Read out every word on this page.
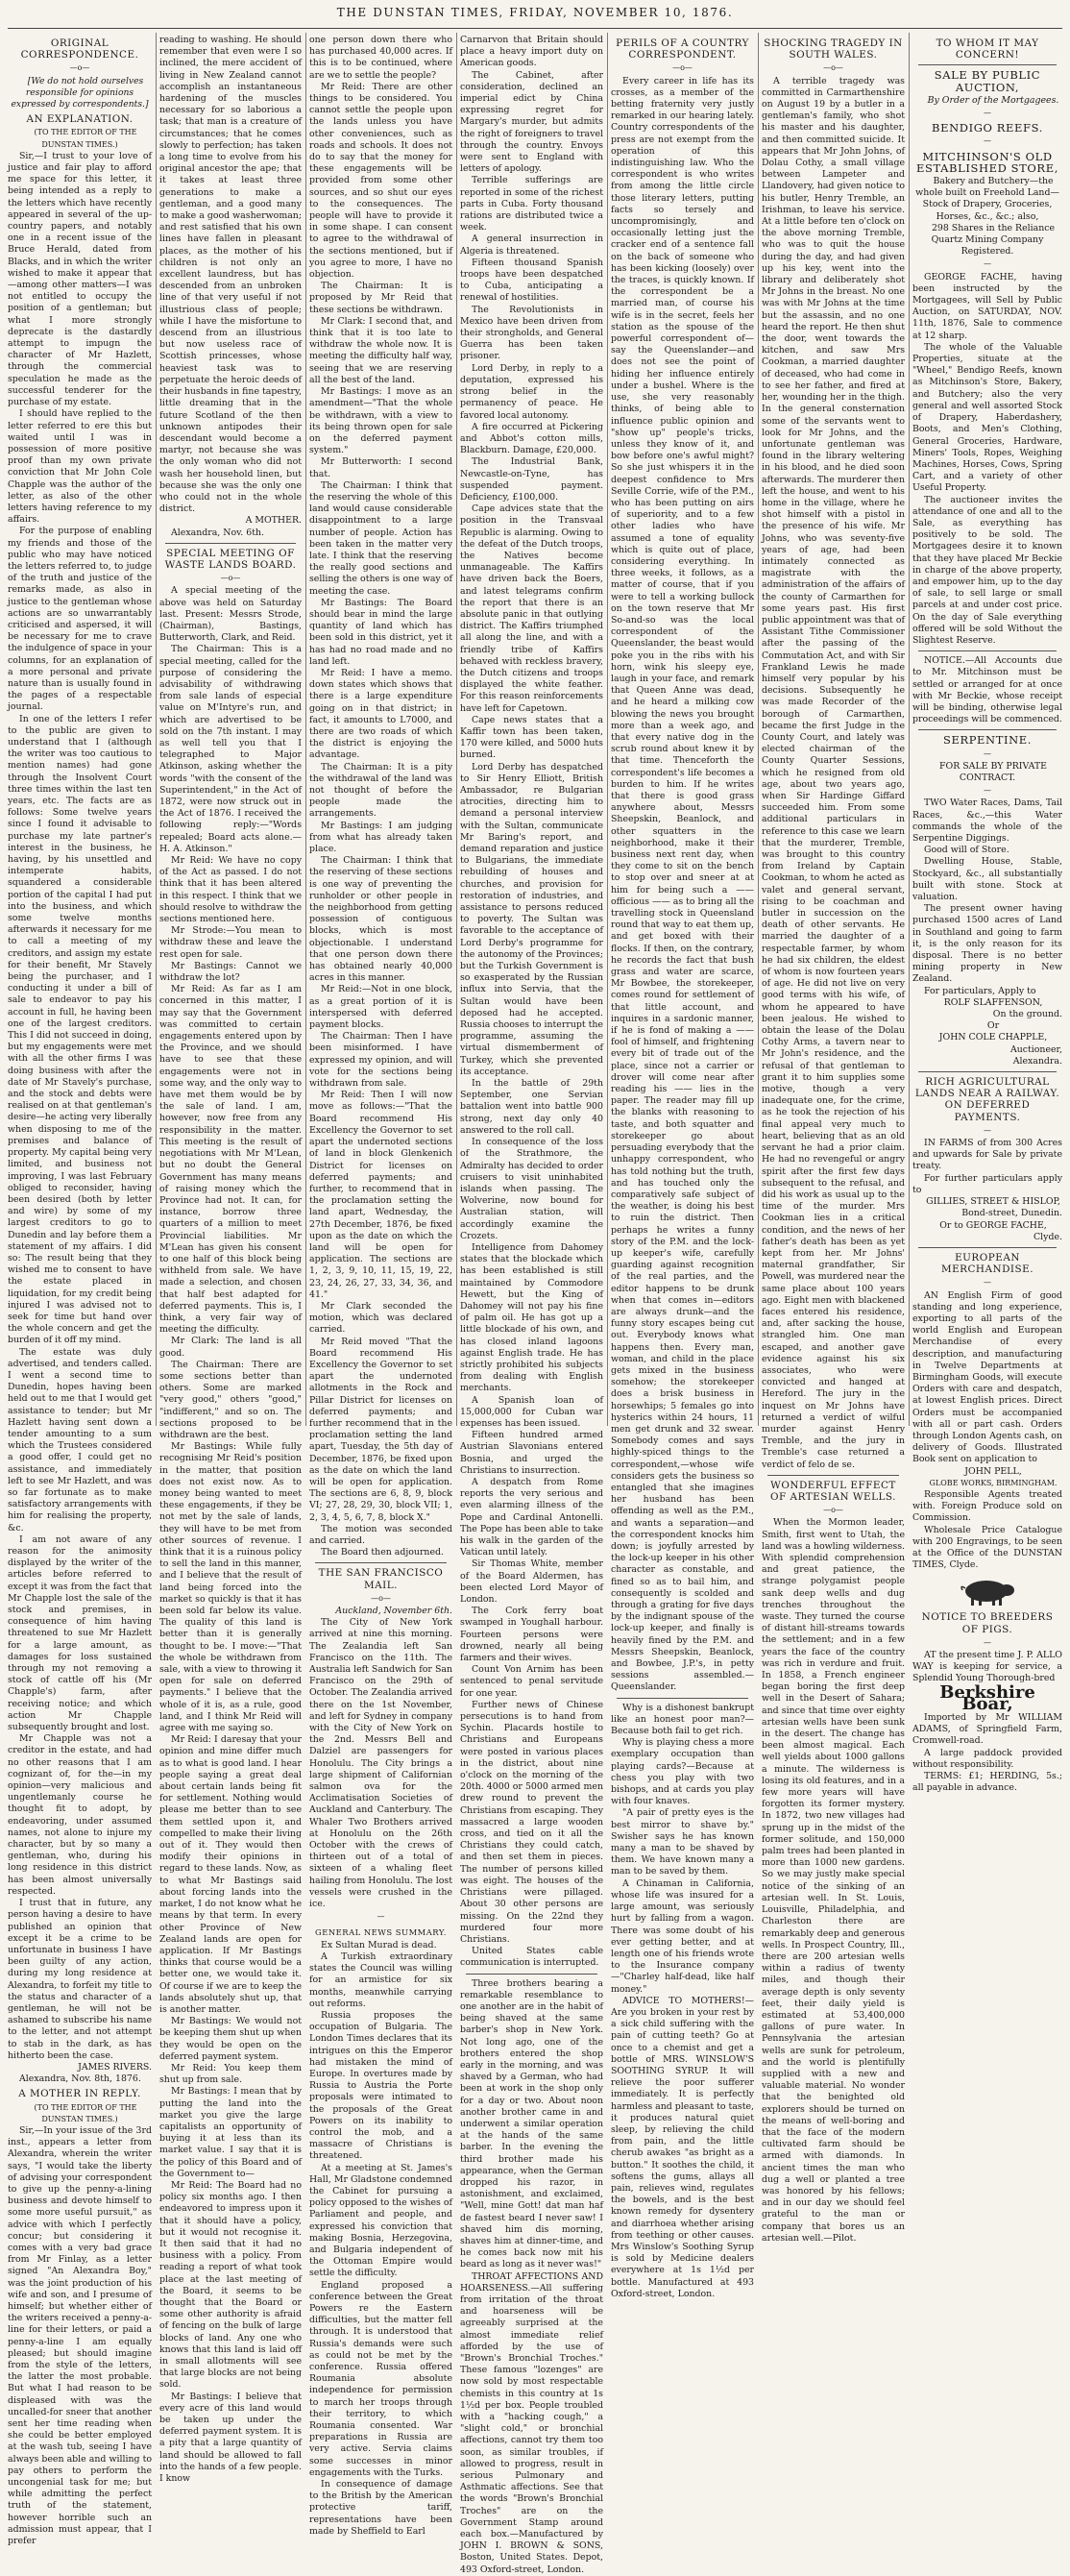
THE DUNSTAN TIMES, FRIDAY, NOVEMBER 10, 1876.
ORIGINAL CORRESPONDENCE.
—o—

[We do not hold ourselves responsible for opinions expressed by correspondents.]

AN EXPLANATION.

(TO THE EDITOR OF THE DUNSTAN TIMES.)

Sir,—I trust to your love of justice and fair play to afford me space for this letter, it being intended as a reply to the letters which have recently appeared in several of the up-country papers, and notably one in a recent issue of the Bruce Herald, dated from Blacks, and in which the writer wished to make it appear that—among other matters—I was not entitled to occupy the position of a gentleman; but what I more strongly deprecate is the dastardly attempt to impugn the character of Mr Hazlett, through the commercial speculation he made as the successful tenderer for the purchase of my estate.

I should have replied to the letter referred to ere this but waited until I was in possession of more positive proof than my own private conviction that Mr John Cole Chapple was the author of the letter, as also of the other letters having reference to my affairs.

For the purpose of enabling my friends and those of the public who may have noticed the letters referred to, to judge of the truth and justice of the remarks made, as also in justice to the gentleman whose actions are so unwarrantably criticised and aspersed, it will be necessary for me to crave the indulgence of space in your columns, for an explanation of a more personal and private nature than is usually found in the pages of a respectable journal.

In one of the letters I refer to the public are given to understand that I (although the writer was too cautious to mention names) had gone through the Insolvent Court three times within the last ten years, etc. The facts are as follows: Some twelve years since I found it advisable to purchase my late partner's interest in the business, he having, by his unsettled and intemperate habits, squandered a considerable portion of the capital I had put into the business, and which some twelve months afterwards it necessary for me to call a meeting of my creditors, and assign my estate for their benefit, Mr Stavely being the purchaser, and I conducting it under a bill of sale to endeavor to pay his account in full, he having been one of the largest creditors. This I did not succeed in doing, but my engagements were met with all the other firms I was doing business with after the date of Mr Stavely's purchase, and the stock and debts were realised on at that gentleman's desire—he acting very liberally when disposing to me of the premises and balance of property. My capital being very limited, and business not improving, I was last February obliged to reconsider, having been desired (both by letter and wire) by some of my largest creditors to go to Dunedin and lay before them a statement of my affairs. I did so: The result being that they wished me to consent to have the estate placed in liquidation, for my credit being injured I was advised not to seek for time but hand over the whole concern and get the burden of it off my mind.

The estate was duly advertised, and tenders called. I went a second time to Dunedin, hopes having been held out to me that I would get assistance to tender; but Mr Hazlett having sent down a tender amounting to a sum which the Trustees considered a good offer, I could get no assistance, and immediately left to see Mr Hazlett, and was so far fortunate as to make satisfactory arrangements with him for realising the property, &c.

I am not aware of any reason for the animosity displayed by the writer of the articles before referred to except it was from the fact that Mr Chapple lost the sale of the stock and premises, in consequence of him having threatened to sue Mr Hazlett for a large amount, as damages for loss sustained through my not removing a stock of cattle off his (Mr Chapple's) farm, after receiving notice; and which action Mr Chapple subsequently brought and lost.

Mr Chapple was not a creditor in the estate, and had no other reasons that I am cognizant of, for the—in my opinion—very malicious and ungentlemanly course he thought fit to adopt, by endeavoring, under assumed names, not alone to injure my character, but by so many a gentleman, who, during his long residence in this district has been almost universally respected.

I trust that in future, any person having a desire to have published an opinion that except it be a crime to be unfortunate in business I have been guilty of any action, during my long residence at Alexandra, to forfeit my title to the status and character of a gentleman, he will not be ashamed to subscribe his name to the letter, and not attempt to stab in the dark, as has hitherto been the case.

JAMES RIVERS.

Alexandra, Nov. 8th, 1876.

A MOTHER IN REPLY.

(TO THE EDITOR OF THE DUNSTAN TIMES.)

Sir,—In your issue of the 3rd inst., appears a letter from Alexandra, wherein the writer says, "I would take the liberty of advising your correspondent to give up the penny-a-lining business and devote himself to some more useful pursuit," as advice with which I perfectly concur; but considering it comes with a very bad grace from Mr Finlay, as a letter signed "An Alexandra Boy," was the joint production of his wife and son, and I presume of himself; but whether either of the writers received a penny-a-line for their letters, or paid a penny-a-line I am equally pleased; but should imagine from the style of the letters, the latter the most probable. But what I had reason to be displeased with was the uncalled-for sneer that another sent her time reading when she could be better employed at the wash tub, seeing I have always been able and willing to pay others to perform the uncongenial task for me; but while admitting the perfect truth of the statement, however horrible such an admission must appear, that I prefer

reading to washing. He should remember that even were I so inclined, the mere accident of living in New Zealand cannot accomplish an instantaneous hardening of the muscles necessary for so laborious a task; that man is a creature of circumstances; that he comes slowly to perfection; has taken a long time to evolve from his original ancestor the ape; that it takes at least three generations to make a gentleman, and a good many to make a good washerwoman; and rest satisfied that his own lines have fallen in pleasant places, as the mother of his children is not only an excellent laundress, but has descended from an unbroken line of that very useful if not illustrious class of people; while I have the misfortune to descend from an illustrious but now useless race of Scottish princesses, whose heaviest task was to perpetuate the heroic deeds of their husbands in fine tapestry, little dreaming that in the future Scotland of the then unknown antipodes their descendant would become a martyr, not because she was the only woman who did not wash her household linen, but because she was the only one who could not in the whole district.

A MOTHER.

Alexandra, Nov. 6th.

SPECIAL MEETING OF WASTE LANDS BOARD.
—o—

A special meeting of the above was held on Saturday last. Present: Messrs Strode, (Chairman), Bastings, Butterworth, Clark, and Reid.

The Chairman: This is a special meeting, called for the purpose of considering the advisability of withdrawing from sale lands of especial value on M'Intyre's run, and which are advertised to be sold on the 7th instant. I may as well tell you that I telegraphed to Major Atkinson, asking whether the words "with the consent of the Superintendent," in the Act of 1872, were now struck out in the Act of 1876. I received the following reply:—"Words repealed; Board acts alone.—H. A. Atkinson."

Mr Reid: We have no copy of the Act as passed. I do not think that it has been altered in this respect. I think that we should resolve to withdraw the sections mentioned here.

Mr Strode:—You mean to withdraw these and leave the rest open for sale.

Mr Bastings: Cannot we withdraw the lot?

Mr Reid: As far as I am concerned in this matter, I may say that the Government was committed to certain engagements entered upon by the Province, and we should have to see that these engagements were not in some way, and the only way to have met them would be by the sale of land. I am, however, now free from any responsibility in the matter. This meeting is the result of negotiations with Mr M'Lean, but no doubt the General Government has many means of raising money which the Province had not. It can, for instance, borrow three quarters of a million to meet Provincial liabilities. Mr M'Lean has given his consent to one half of this block being withheld from sale. We have made a selection, and chosen that half best adapted for deferred payments. This is, I think, a very fair way of meeting the difficulty.

Mr Clark: The land is all good.

The Chairman: There are some sections better than others. Some are marked "very good," others "good," "indifferent," and so on. The sections proposed to be withdrawn are the best.

Mr Bastings: While fully recognising Mr Reid's position in the matter, that position does not exist now. As to money being wanted to meet these engagements, if they be not met by the sale of lands, they will have to be met from other sources of revenue. I think that it is a ruinous policy to sell the land in this manner, and I believe that the result of land being forced into the market so quickly is that it has been sold far below its value. The quality of this land is better than it is generally thought to be. I move:—"That the whole be withdrawn from sale, with a view to throwing it open for sale on deferred payments." I believe that the whole of it is, as a rule, good land, and I think Mr Reid will agree with me saying so.

Mr Reid: I daresay that your opinion and mine differ much as to what is good land. I hear people saying a great deal about certain lands being fit for settlement. Nothing would please me better than to see them settled upon it, and compelled to make their living out of it. They would then modify their opinions in regard to these lands. Now, as to what Mr Bastings said about forcing lands into the market, I do not know what he means by that term. In every other Province of New Zealand lands are open for application. If Mr Bastings thinks that course would be a better one, we would take it. Of course if we are to keep the lands absolutely shut up, that is another matter.

Mr Bastings: We would not be keeping them shut up when they would be open on the deferred payment system.

Mr Reid: You keep them shut up from sale.

Mr Bastings: I mean that by putting the land into the market you give the large capitalists an opportunity of buying it at less than its market value. I say that it is the policy of this Board and of the Government to—

Mr Reid: The Board had no policy six months ago. I then endeavored to impress upon it that it should have a policy, but it would not recognise it. It then said that it had no business with a policy. From reading a report of what took place at the last meeting of the Board, it seems to be thought that the Board or some other authority is afraid of fencing on the bulk of large blocks of land. Any one who knows that this land is laid off in small allotments will see that large blocks are not being sold.

Mr Bastings: I believe that every acre of this land would be taken up under the deferred payment system. It is a pity that a large quantity of land should be allowed to fall into the hands of a few people. I know

one person down there who has purchased 40,000 acres. If this is to be continued, where are we to settle the people?

Mr Reid: There are other things to be considered. You cannot settle the people upon the lands unless you have other conveniences, such as roads and schools. It does not do to say that the money for these engagements will be provided from some other sources, and so shut our eyes to the consequences. The people will have to provide it in some shape. I can consent to agree to the withdrawal of the sections mentioned, but if you agree to more, I have no objection.

The Chairman: It is proposed by Mr Reid that these sections be withdrawn.

Mr Clark: I second that, and think that it is too late to withdraw the whole now. It is meeting the difficulty half way, seeing that we are reserving all the best of the land.

Mr Bastings: I move as an amendment—"That the whole be withdrawn, with a view to its being thrown open for sale on the deferred payment system."

Mr Butterworth: I second that.

The Chairman: I think that the reserving the whole of this land would cause considerable disappointment to a large number of people. Action has been taken in the matter very late. I think that the reserving the really good sections and selling the others is one way of meeting the case.

Mr Bastings: The Board should bear in mind the large quantity of land which has been sold in this district, yet it has had no road made and no land left.

Mr Reid: I have a memo. down states which shows that there is a large expenditure going on in that district; in fact, it amounts to L7000, and there are two roads of which the district is enjoying the advantage.

The Chairman: It is a pity the withdrawal of the land was not thought of before the people made the arrangements.

Mr Bastings: I am judging from what has already taken place.

The Chairman: I think that the reserving of these sections is one way of preventing the runholder or other people in the neighborhood from getting possession of contiguous blocks, which is most objectionable. I understand that one person down there has obtained nearly 40,000 acres in this manner.

Mr Reid:—Not in one block, as a great portion of it is interspersed with deferred payment blocks.

The Chairman: Then I have been misinformed. I have expressed my opinion, and will vote for the sections being withdrawn from sale.

Mr Reid: Then I will now move as follows:—"That the Board recommend His Excellency the Governor to set apart the undernoted sections of land in block Glenkenich District for licenses on deferred payments; and further, to recommend that in the proclamation setting the land apart, Wednesday, the 27th December, 1876, be fixed upon as the date on which the land will be open for application. The sections are 1, 2, 3, 9, 10, 11, 15, 19, 22, 23, 24, 26, 27, 33, 34, 36, and 41."

Mr Clark seconded the motion, which was declared carried.

Mr Reid moved "That the Board recommend His Excellency the Governor to set apart the undernoted allotments in the Rock and Pillar District for licenses on deferred payments; and further recommend that in the proclamation setting the land apart, Tuesday, the 5th day of December, 1876, be fixed upon as the date on which the land will be open for application. The sections are 6, 8, 9, block VI; 27, 28, 29, 30, block VII; 1, 2, 3, 4, 5, 6, 7, 8, block X."

The motion was seconded and carried.

The Board then adjourned.

THE SAN FRANCISCO MAIL.
—o—

Auckland, November 6th.

The City of New York arrived at nine this morning. The Zealandia left San Francisco on the 11th. The Australia left Sandwich for San Francisco on the 29th of October. The Zealandia arrived there on the 1st November, and left for Sydney in company with the City of New York on the 2nd. Messrs Bell and Dalziel are passengers for Honolulu. The City brings a large shipment of Californian salmon ova for the Acclimatisation Societies of Auckland and Canterbury. The Whaler Two Brothers arrived at Honolulu on the 26th October with the crews of thirteen out of a total of sixteen of a whaling fleet hailing from Honolulu. The lost vessels were crushed in the ice.

—
GENERAL NEWS SUMMARY.

Ex Sultan Murad is dead.

A Turkish extraordinary states the Council was willing for an armistice for six months, meanwhile carrying out reforms.

Russia proposes the occupation of Bulgaria. The London Times declares that its intrigues on this the Emperor had mistaken the mind of Europe. In overtures made by Russia to Austria the Porte proposals were intimated to the proposals of the Great Powers on its inability to control the mob, and a massacre of Christians is threatened.

At a meeting at St. James's Hall, Mr Gladstone condemned the Cabinet for pursuing a policy opposed to the wishes of Parliament and people, and expressed his conviction that making Bosnia, Herzegovina, and Bulgaria independent of the Ottoman Empire would settle the difficulty.

England proposed a conference between the Great Powers re the Eastern difficulties, but the matter fell through. It is understood that Russia's demands were such as could not be met by the conference. Russia offered Roumania absolute independence for permission to march her troops through their territory, to which Roumania consented. War preparations in Russia are very active. Servia claims some successes in minor engagements with the Turks.

In consequence of damage to the British by the American protective tariff, representations have been made by Sheffield to Earl

Carnarvon that Britain should place a heavy import duty on American goods.

The Cabinet, after consideration, declined an imperial edict by China expressing regret for Margary's murder, but admits the right of foreigners to travel through the country. Envoys were sent to England with letters of apology.

Terrible sufferings are reported in some of the richest parts in Cuba. Forty thousand rations are distributed twice a week.

A general insurrection in Algeria is threatened.

Fifteen thousand Spanish troops have been despatched to Cuba, anticipating a renewal of hostilities.

The Revolutionists in Mexico have been driven from their strongholds, and General Guerra has been taken prisoner.

Lord Derby, in reply to a deputation, expressed his strong belief in the permanency of peace. He favored local autonomy.

A fire occurred at Pickering and Abbot's cotton mills, Blackburn. Damage, £20,000.

The Industrial Bank, Newcastle-on-Tyne, has suspended payment. Deficiency, £100,000.

Cape advices state that the position in the Transvaal Republic is alarming. Owing to the defeat of the Dutch troops, the Natives become unmanageable. The Kaffirs have driven back the Boers, and latest telegrams confirm the report that there is an absolute panic in that outlying district. The Kaffirs triumphed all along the line, and with a friendly tribe of Kaffirs behaved with reckless bravery, the Dutch citizens and troops displayed the white feather. For this reason reinforcements have left for Capetown.

Cape news states that a Kaffir town has been taken, 170 were killed, and 5000 huts burned.

Lord Derby has despatched to Sir Henry Elliott, British Ambassador, re Bulgarian atrocities, directing him to demand a personal interview with the Sultan, communicate Mr Baring's report, and demand reparation and justice to Bulgarians, the immediate rebuilding of houses and churches, and provision for restoration of industries, and assistance to persons reduced to poverty. The Sultan was favorable to the acceptance of Lord Derby's programme for the autonomy of the Provinces; but the Turkish Government is so exasperated by the Russian influx into Servia, that the Sultan would have been deposed had he accepted. Russia chooses to interrupt the programme, assuming the virtual dismemberment of Turkey, which she prevented its acceptance.

In the battle of 29th September, one Servian battalion went into battle 900 strong, next day only 40 answered to the roll call.

In consequence of the loss of the Strathmore, the Admiralty has decided to order cruisers to visit uninhabited islands when passing. The Wolverine, now bound for Australian station, will accordingly examine the Crozets.

Intelligence from Dahomey states that the blockade which has been established is still maintained by Commodore Hewett, but the King of Dahomey will not pay his fine of palm oil. He has got up a little blockade of his own, and has closed inland lagoons against English trade. He has strictly prohibited his subjects from dealing with English merchants.

A Spanish loan of 15,000,000 for Cuban war expenses has been issued.

Fifteen hundred armed Austrian Slavonians entered Bosnia, and urged the Christians to insurrection.

A despatch from Rome reports the very serious and even alarming illness of the Pope and Cardinal Antonelli. The Pope has been able to take his walk in the garden of the Vatican until lately.

Sir Thomas White, member of the Board Aldermen, has been elected Lord Mayor of London.

The Cork ferry boat swamped in Youghall harbour. Fourteen persons were drowned, nearly all being farmers and their wives.

Count Von Arnim has been sentenced to penal servitude for one year.

Further news of Chinese persecutions is to hand from Sychin. Placards hostile to Christians and Europeans were posted in various places in the district, about nine o'clock on the morning of the 20th. 4000 or 5000 armed men drew round to prevent the Christians from escaping. They massacred a large wooden cross, and tied on it all the Christians they could catch, and then set them in pieces. The number of persons killed was eight. The houses of the Christians were pillaged. About 30 other persons are missing. On the 22nd they murdered four more Christians.

United States cable communication is interrupted.

Three brothers bearing a remarkable resemblance to one another are in the habit of being shaved at the same barber's shop in New York. Not long ago, one of the brothers entered the shop early in the morning, and was shaved by a German, who had been at work in the shop only for a day or two. About noon another brother came in and underwent a similar operation at the hands of the same barber. In the evening the third brother made his appearance, when the German dropped his razor, in astonishment, and exclaimed, "Well, mine Gott! dat man haf de fastest beard I never saw! I shaved him dis morning, shaves him at dinner-time, and he comes back now mit his beard as long as it never was!"

THROAT AFFECTIONS AND HOARSENESS.—All suffering from irritation of the throat and hoarseness will be agreeably surprised at the almost immediate relief afforded by the use of "Brown's Bronchial Troches." These famous "lozenges" are now sold by most respectable chemists in this country at 1s 1½d per box. People troubled with a "hacking cough," a "slight cold," or bronchial affections, cannot try them too soon, as similar troubles, if allowed to progress, result in serious Pulmonary and Asthmatic affections. See that the words "Brown's Bronchial Troches" are on the Government Stamp around each box.—Manufactured by JOHN I. BROWN & SONS, Boston, United States. Depot, 493 Oxford-street, London.

PERILS OF A COUNTRY CORRESPONDENT.
—o—

Every career in life has its crosses, as a member of the betting fraternity very justly remarked in our hearing lately. Country correspondents of the press are not exempt from the operation of this indistinguishing law. Who the correspondent is who writes from among the little circle those literary letters, putting facts so tersely and uncompromisingly, and occasionally letting just the cracker end of a sentence fall on the back of someone who has been kicking (loosely) over the traces, is quickly known. If the correspondent be a married man, of course his wife is in the secret, feels her station as the spouse of the powerful correspondent of—say the Queenslander—and does not see the point of hiding her influence entirely under a bushel. Where is the use, she very reasonably thinks, of being able to influence public opinion and "show up" people's tricks, unless they know of it, and bow before one's awful might? So she just whispers it in the deepest confidence to Mrs Seville Corrie, wife of the P.M., who has been putting on airs of superiority, and to a few other ladies who have assumed a tone of equality which is quite out of place, considering everything. In three weeks, it follows, as a matter of course, that if you were to tell a working bullock on the town reserve that Mr So-and-so was the local correspondent of the Queenslander, the beast would poke you in the ribs with his horn, wink his sleepy eye, laugh in your face, and remark that Queen Anne was dead, and he heard a milking cow blowing the news you brought more than a week ago, and that every native dog in the scrub round about knew it by that time. Thenceforth the correspondent's life becomes a burden to him. If he writes that there is good grass anywhere about, Messrs Sheepskin, Beanlock, and other squatters in the neighborhood, make it their business next rent day, when they come to sit on the bench to stop over and sneer at at him for being such a —— officious —— as to bring all the travelling stock in Queensland round that way to eat them up, and get boxed with their flocks. If then, on the contrary, he records the fact that bush grass and water are scarce, Mr Bowbee, the storekeeper, comes round for settlement of that little account, and inquires in a sardonic manner, if he is fond of making a —— fool of himself, and frightening every bit of trade out of the place, since not a carrier or drover will come near after reading his —— lies in the paper. The reader may fill up the blanks with reasoning to taste, and both squatter and storekeeper go about persuading everybody that the unhappy correspondent, who has told nothing but the truth, and has touched only the comparatively safe subject of the weather, is doing his best to ruin the district. Then perhaps he writes a funny story of the P.M. and the lock-up keeper's wife, carefully guarding against recognition of the real parties, and the editor happens to be drunk when that comes in—editors are always drunk—and the funny story escapes being cut out. Everybody knows what happens then. Every man, woman, and child in the place gets mixed in the business somehow; the storekeeper does a brisk business in horsewhips; 5 females go into hysterics within 24 hours, 11 men get drunk and 32 swear. Somebody comes and says highly-spiced things to the correspondent,—whose wife considers gets the business so entangled that she imagines her husband has been offending as well as the P.M., and wants a separation—and the correspondent knocks him down; is joyfully arrested by the lock-up keeper in his other character as constable, and fined so as to bail him, and consequently is scolded and through a grating for five days by the indignant spouse of the lock-up keeper, and finally is heavily fined by the P.M. and Messrs Sheepskin, Beanlock, and Bowbee, J.P.'s, in petty sessions assembled.—Queenslander.

Why is a dishonest bankrupt like an honest poor man?—Because both fail to get rich.

Why is playing chess a more exemplary occupation than playing cards?—Because at chess you play with two bishops, and at cards you play with four knaves.

"A pair of pretty eyes is the best mirror to shave by." Swisher says he has known many a man to be shaved by them. We have known many a man to be saved by them.

A Chinaman in California, whose life was insured for a large amount, was seriously hurt by falling from a wagon. There was some doubt of his ever getting better, and at length one of his friends wrote to the Insurance company—"Charley half-dead, like half money."

ADVICE TO MOTHERS!—Are you broken in your rest by a sick child suffering with the pain of cutting teeth? Go at once to a chemist and get a bottle of MRS. WINSLOW'S SOOTHING SYRUP. It will relieve the poor sufferer immediately. It is perfectly harmless and pleasant to taste, it produces natural quiet sleep, by relieving the child from pain, and the little cherub awakes "as bright as a button." It soothes the child, it softens the gums, allays all pain, relieves wind, regulates the bowels, and is the best known remedy for dysentery and diarrhoea whether arising from teething or other causes. Mrs Winslow's Soothing Syrup is sold by Medicine dealers everywhere at 1s 1½d per bottle. Manufactured at 493 Oxford-street, London.

SHOCKING TRAGEDY IN SOUTH WALES.
—o—

A terrible tragedy was committed in Carmarthenshire on August 19 by a butler in a gentleman's family, who shot his master and his daughter, and then committed suicide. It appears that Mr John Johns, of Dolau Cothy, a small village between Lampeter and Llandovery, had given notice to his butler, Henry Tremble, an Irishman, to leave his service. At a little before ten o'clock on the above morning Tremble, who was to quit the house during the day, and had given up his key, went into the library and deliberately shot Mr Johns in the breast. No one was with Mr Johns at the time but the assassin, and no one heard the report. He then shut the door, went towards the kitchen, and saw Mrs Cookman, a married daughter of deceased, who had come in to see her father, and fired at her, wounding her in the thigh. In the general consternation some of the servants went to look for Mr Johns, and the unfortunate gentleman was found in the library weltering in his blood, and he died soon afterwards. The murderer then left the house, and went to his home in the village, where he shot himself with a pistol in the presence of his wife. Mr Johns, who was seventy-five years of age, had been intimately connected as magistrate with the administration of the affairs of the county of Carmarthen for some years past. His first public appointment was that of Assistant Tithe Commissioner after the passing of the Commutation Act, and with Sir Frankland Lewis he made himself very popular by his decisions. Subsequently he was made Recorder of the borough of Carmarthen, became the first Judge in the County Court, and lately was elected chairman of the County Quarter Sessions, which he resigned from old age, about two years ago, when Sir Hardinge Giffard succeeded him. From some additional particulars in reference to this case we learn that the murderer, Tremble, was brought to this country from Ireland by Captain Cookman, to whom he acted as valet and general servant, rising to be coachman and butler in succession on the death of other servants. He married the daughter of a respectable farmer, by whom he had six children, the eldest of whom is now fourteen years of age. He did not live on very good terms with his wife, of whom he appeared to have been jealous. He wished to obtain the lease of the Dolau Cothy Arms, a tavern near to Mr John's residence, and the refusal of that gentleman to grant it to him supplies some motive, though a very inadequate one, for the crime, as he took the rejection of his final appeal very much to heart, believing that as an old servant he had a prior claim. He had no revengeful or angry spirit after the first few days subsequent to the refusal, and did his work as usual up to the time of the murder. Mrs Cookman lies in a critical condition, and the news of her father's death has been as yet kept from her. Mr Johns' maternal grandfather, Sir Powell, was murdered near the same place about 100 years ago. Eight men with blackened faces entered his residence, and, after sacking the house, strangled him. One man escaped, and another gave evidence against his six associates, who were convicted and hanged at Hereford. The jury in the inquest on Mr Johns have returned a verdict of wilful murder against Henry Tremble, and the jury in Tremble's case returned a verdict of felo de se.

WONDERFUL EFFECT OF ARTESIAN WELLS.
—o—

When the Mormon leader, Smith, first went to Utah, the land was a howling wilderness. With splendid comprehension and great patience, the strange polygamist people sank deep wells and dug trenches throughout the waste. They turned the course of distant hill-streams towards the settlement; and in a few years the face of the country was rich in verdure and fruit. In 1858, a French engineer began boring the first deep well in the Desert of Sahara; and since that time over eighty artesian wells have been sunk in the desert. The change has been almost magical. Each well yields about 1000 gallons a minute. The wilderness is losing its old features, and in a few more years will have forgotten its former mystery. In 1872, two new villages had sprung up in the midst of the former solitude, and 150,000 palm trees had been planted in more than 1000 new gardens. So we may justly make special notice of the sinking of an artesian well. In St. Louis, Louisville, Philadelphia, and Charleston there are remarkably deep and generous wells. In Prospect Country, Ill., there are 200 artesian wells within a radius of twenty miles, and though their average depth is only seventy feet, their daily yield is estimated at 53,400,000 gallons of pure water. In Pennsylvania the artesian wells are sunk for petroleum, and the world is plentifully supplied with a new and valuable material. No wonder that the benighted old explorers should be turned on the means of well-boring and that the face of the modern cultivated farm should be armed with diamonds. In ancient times the man who dug a well or planted a tree was honored by his fellows; and in our day we should feel grateful to the man or company that bores us an artesian well.—Pilot.

TO WHOM IT MAY CONCERN!
SALE BY PUBLIC AUCTION,

By Order of the Mortgagees.

—
BENDIGO REEFS.
—
MITCHINSON'S OLD ESTABLISHED STORE,

Bakery and Butchery—the whole built on Freehold Land—Stock of Drapery, Groceries, Horses, &c., &c.; also,

298 Shares in the Reliance Quartz Mining Company Registered.

—

GEORGE FACHE, having been instructed by the Mortgagees, will Sell by Public Auction, on SATURDAY, NOV. 11th, 1876, Sale to commence at 12 sharp.

The whole of the Valuable Properties, situate at the "Wheel," Bendigo Reefs, known as Mitchinson's Store, Bakery, and Butchery; also the very general and well assorted Stock of Drapery, Haberdashery, Boots, and Men's Clothing, General Groceries, Hardware, Miners' Tools, Ropes, Weighing Machines, Horses, Cows, Spring Cart, and a variety of other Useful Property.

The auctioneer invites the attendance of one and all to the Sale, as everything has positively to be sold. The Mortgagees desire it to known that they have placed Mr Beckie in charge of the above property, and empower him, up to the day of sale, to sell large or small parcels at and under cost price. On the day of Sale everything offered will be sold Without the Slightest Reserve.

NOTICE.—All Accounts due to Mr. Mitchinson must be settled or arranged for at once with Mr Beckie, whose receipt will be binding, otherwise legal proceedings will be commenced.

SERPENTINE.
—

FOR SALE BY PRIVATE CONTRACT.

—

TWO Water Races, Dams, Tail Races, &c.,—this Water commands the whole of the Serpentine Diggings.

Good will of Store.

Dwelling House, Stable, Stockyard, &c., all substantially built with stone. Stock at valuation.

The present owner having purchased 1500 acres of Land in Southland and going to farm it, is the only reason for its disposal. There is no better mining property in New Zealand.

For particulars, Apply to

ROLF SLAFFENSON,

On the ground.

Or

JOHN COLE CHAPPLE,

Auctioneer,

Alexandra.

RICH AGRICULTURAL LANDS NEAR A RAILWAY. ON DEFERRED PAYMENTS.
—

IN FARMS of from 300 Acres and upwards for Sale by private treaty.

For further particulars apply to

GILLIES, STREET & HISLOP,

Bond-street, Dunedin.

Or to GEORGE FACHE,

Clyde.

EUROPEAN MERCHANDISE.
—

AN English Firm of good standing and long experience, exporting to all parts of the world English and European Merchandise of every description, and manufacturing in Twelve Departments at Birmingham Goods, will execute Orders with care and despatch, at lowest English prices. Direct Orders must be accompanied with all or part cash. Orders through London Agents cash, on delivery of Goods. Illustrated Book sent on application to

JOHN PELL,

GLOBE WORKS, BIRMINGHAM.

Responsible Agents treated with. Foreign Produce sold on Commission.

Wholesale Price Catalogue with 200 Engravings, to be seen at the Office of the DUNSTAN TIMES, Clyde.

NOTICE TO BREEDERS OF PIGS.
—

AT the present time J. P. ALLO WAY is keeping for service, a Splendid Young Thorough-bred

Berkshire Boar,

Imported by Mr WILLIAM ADAMS, of Springfield Farm, Cromwell-road.

A large paddock provided without responsibility.

TERMS: £1; HERDING, 5s.; all payable in advance.
